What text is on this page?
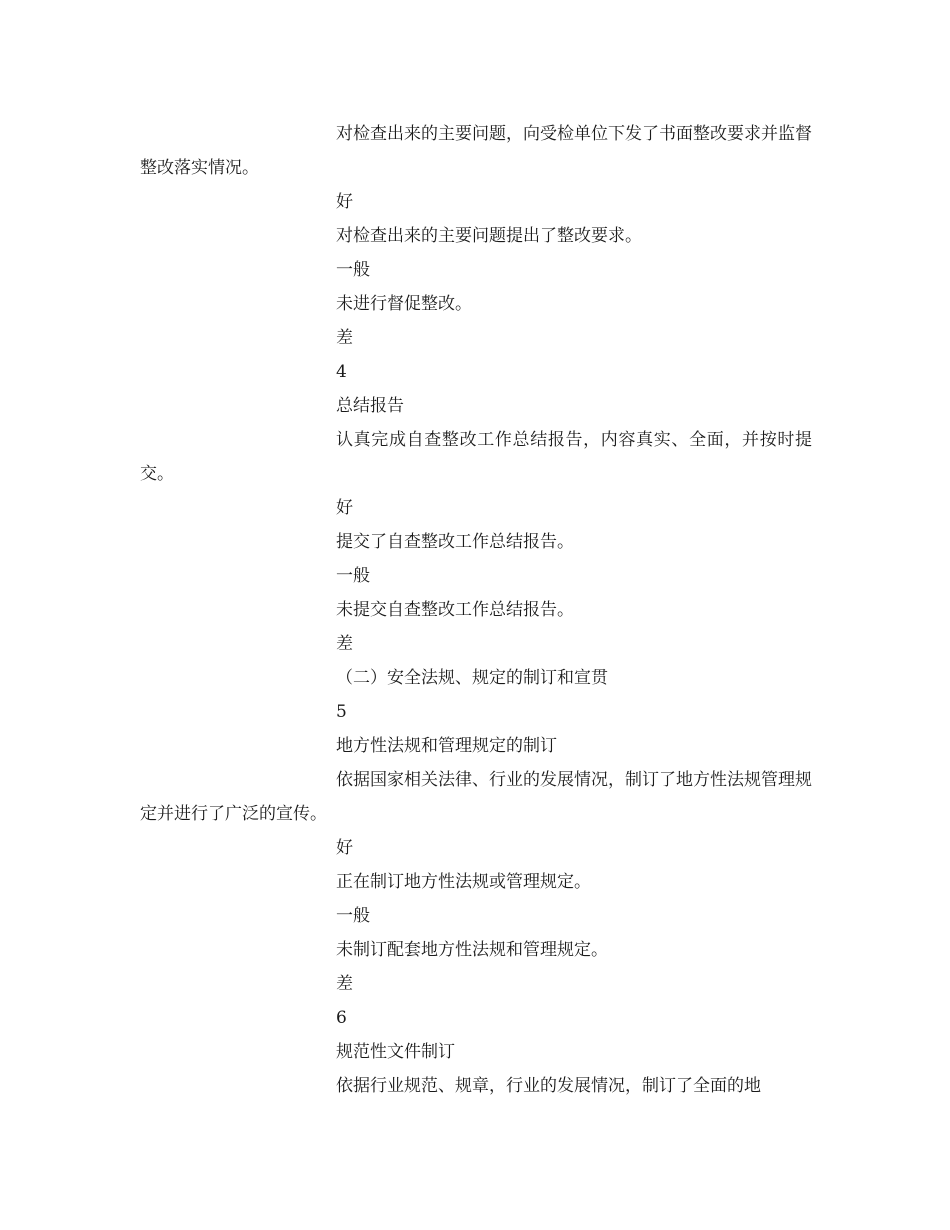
对检查出来的主要问题，向受检单位下发了书面整改要求并监督整改落实情况。

好

对检查出来的主要问题提出了整改要求。

一般

未进行督促整改。

差

4

总结报告

认真完成自查整改工作总结报告，内容真实、全面，并按时提交。

好

提交了自查整改工作总结报告。

一般

未提交自查整改工作总结报告。

差

（二）安全法规、规定的制订和宣贯

5

地方性法规和管理规定的制订

依据国家相关法律、行业的发展情况，制订了地方性法规管理规定并进行了广泛的宣传。

好

正在制订地方性法规或管理规定。

一般

未制订配套地方性法规和管理规定。

差

6

规范性文件制订

依据行业规范、规章，行业的发展情况，制订了全面的地
